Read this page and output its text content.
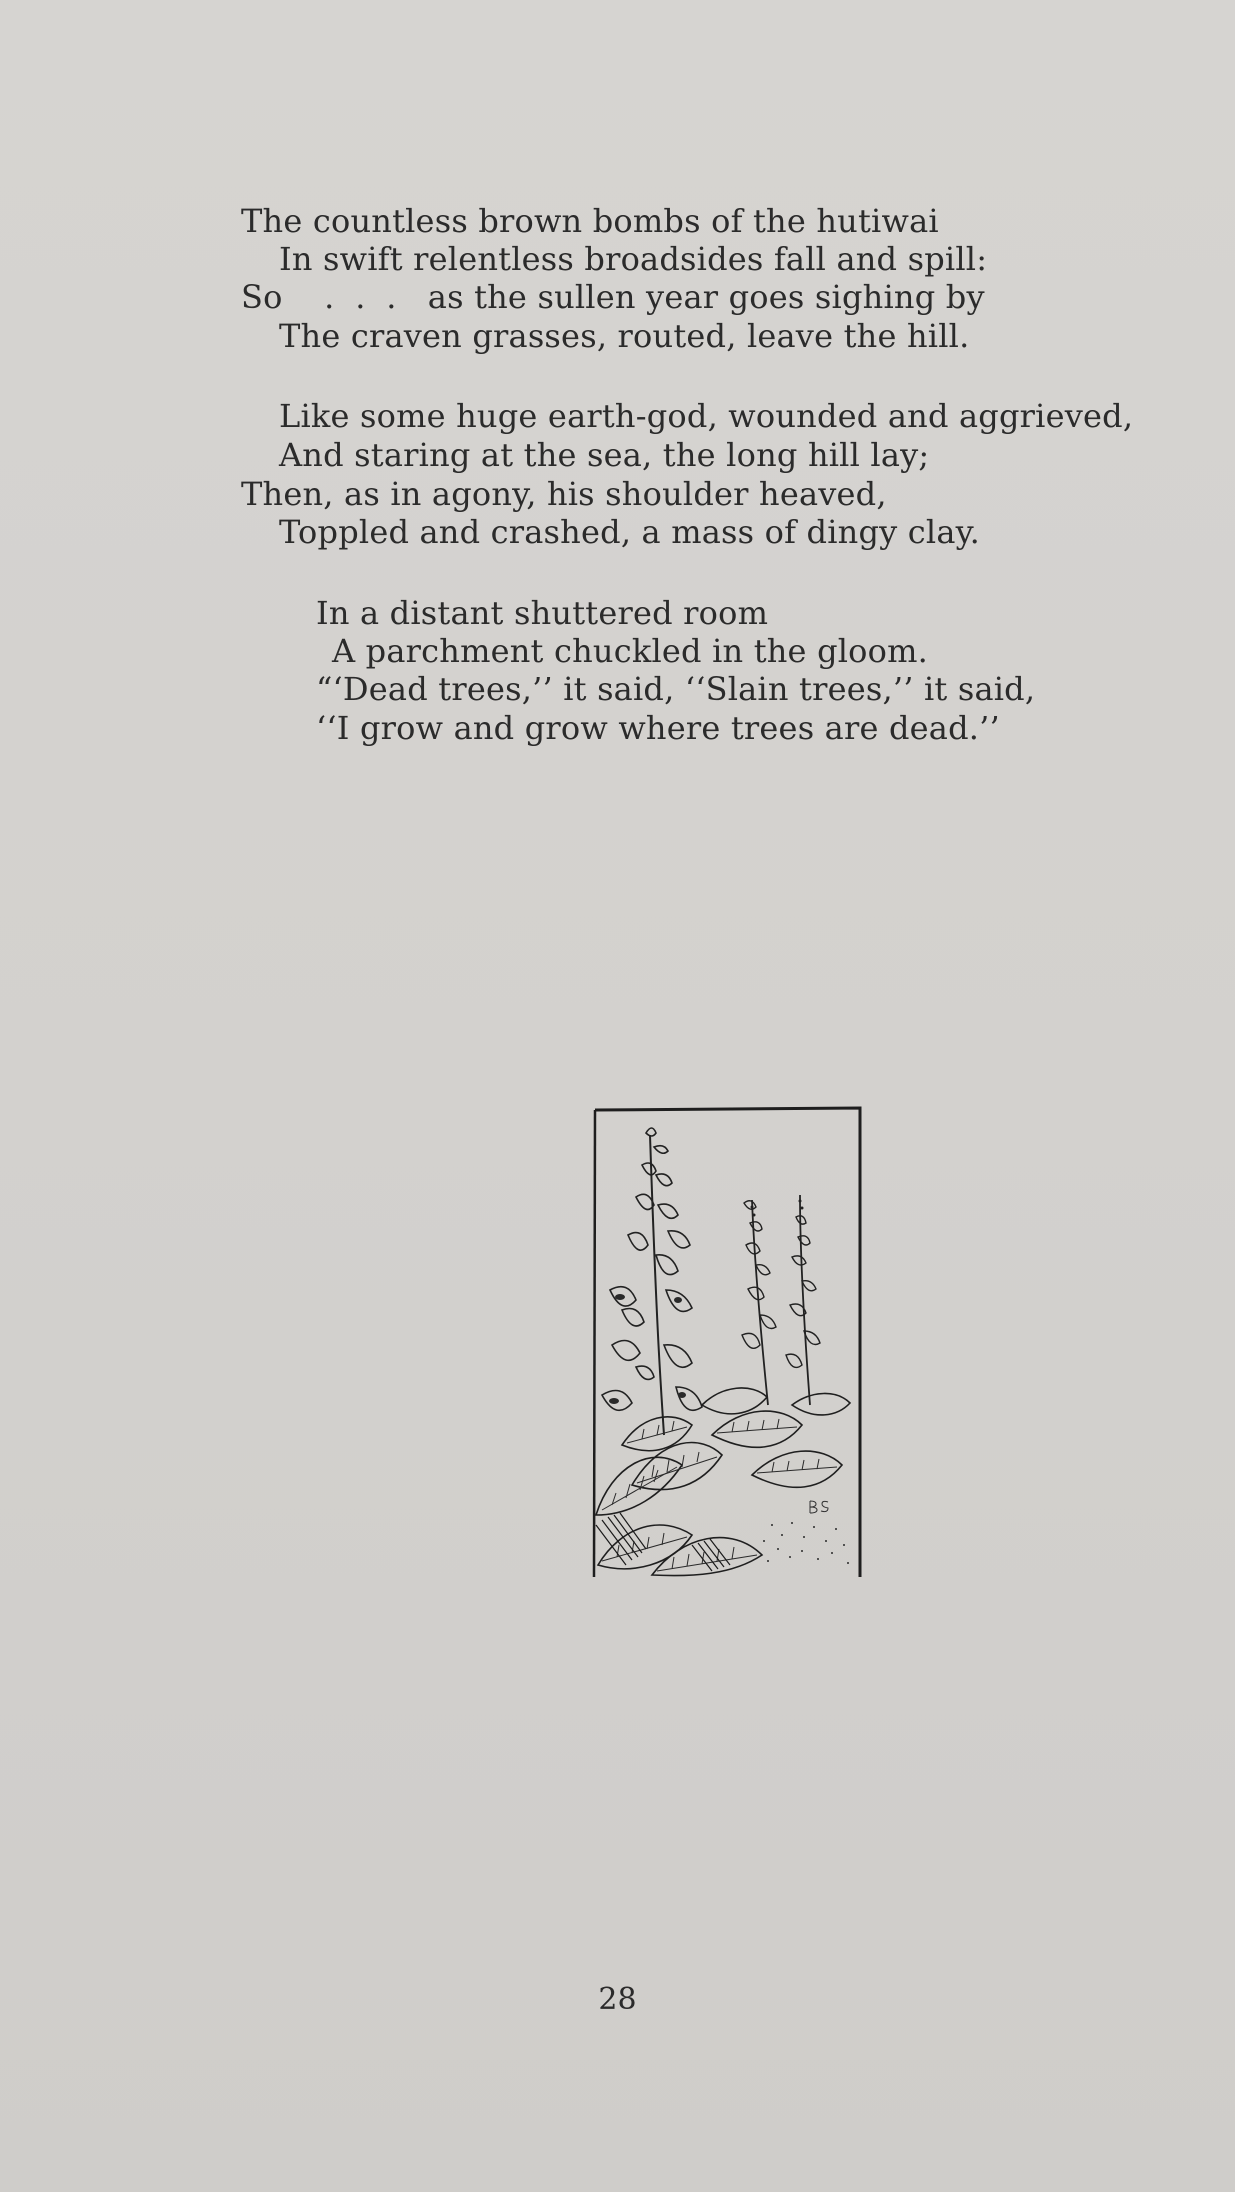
The countless brown bombs of the hutiwai
In swift relentless broadsides fall and spill:
So    .  .  .   as the sullen year goes sighing by
The craven grasses, routed, leave the hill.
Like some huge earth-god, wounded and aggrieved,
And staring at the sea, the long hill lay;
Then, as in agony, his shoulder heaved,
Toppled and crashed, a mass of dingy clay.
In a distant shuttered room
A parchment chuckled in the gloom.
“‘Dead trees,’’ it said, ‘‘Slain trees,’’ it said,
‘‘I grow and grow where trees are dead.’’
28
